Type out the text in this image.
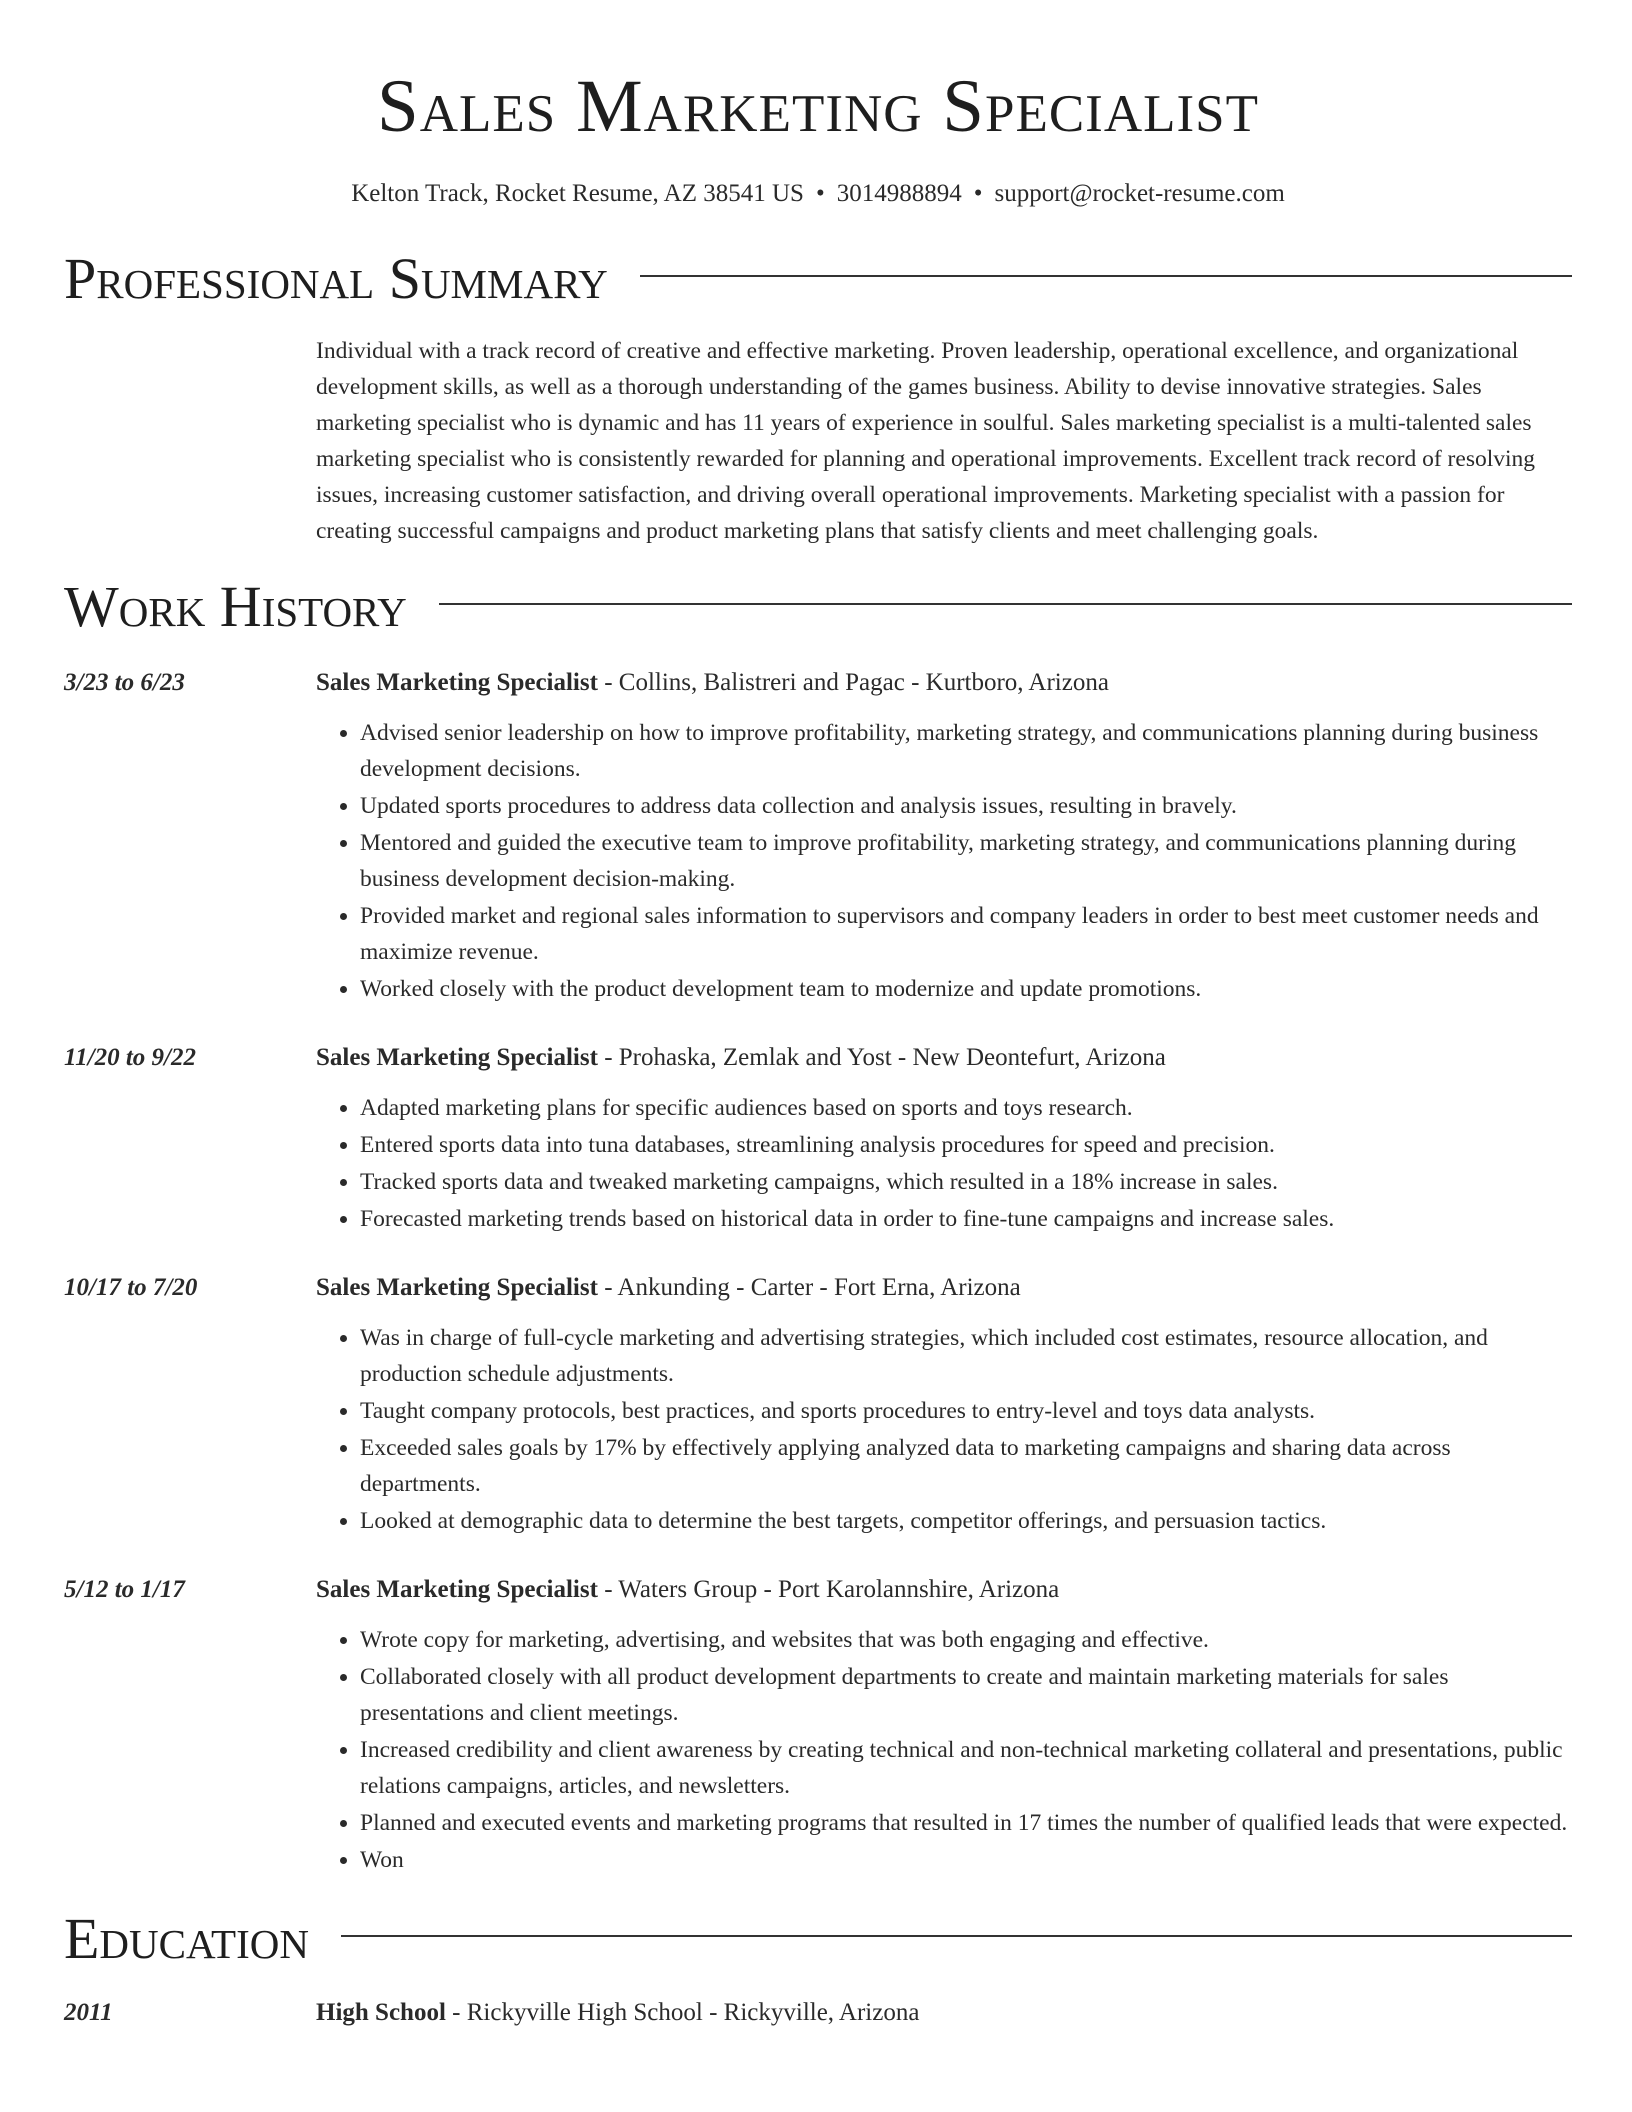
Sales Marketing Specialist
Kelton Track, Rocket Resume, AZ 38541 US • 3014988894 • support@rocket-resume.com
Professional Summary
Individual with a track record of creative and effective marketing. Proven leadership, operational excellence, and organizational development skills, as well as a thorough understanding of the games business. Ability to devise innovative strategies. Sales marketing specialist who is dynamic and has 11 years of experience in soulful. Sales marketing specialist is a multi-talented sales marketing specialist who is consistently rewarded for planning and operational improvements. Excellent track record of resolving issues, increasing customer satisfaction, and driving overall operational improvements. Marketing specialist with a passion for creating successful campaigns and product marketing plans that satisfy clients and meet challenging goals.
Work History
3/23 to 6/23	Sales Marketing Specialist - Collins, Balistreri and Pagac - Kurtboro, Arizona
• Advised senior leadership on how to improve profitability, marketing strategy, and communications planning during business development decisions.
• Updated sports procedures to address data collection and analysis issues, resulting in bravely.
• Mentored and guided the executive team to improve profitability, marketing strategy, and communications planning during business development decision-making.
• Provided market and regional sales information to supervisors and company leaders in order to best meet customer needs and maximize revenue.
• Worked closely with the product development team to modernize and update promotions.
11/20 to 9/22	Sales Marketing Specialist - Prohaska, Zemlak and Yost - New Deontefurt, Arizona
• Adapted marketing plans for specific audiences based on sports and toys research.
• Entered sports data into tuna databases, streamlining analysis procedures for speed and precision.
• Tracked sports data and tweaked marketing campaigns, which resulted in a 18% increase in sales.
• Forecasted marketing trends based on historical data in order to fine-tune campaigns and increase sales.
10/17 to 7/20	Sales Marketing Specialist - Ankunding - Carter - Fort Erna, Arizona
• Was in charge of full-cycle marketing and advertising strategies, which included cost estimates, resource allocation, and production schedule adjustments.
• Taught company protocols, best practices, and sports procedures to entry-level and toys data analysts.
• Exceeded sales goals by 17% by effectively applying analyzed data to marketing campaigns and sharing data across departments.
• Looked at demographic data to determine the best targets, competitor offerings, and persuasion tactics.
5/12 to 1/17	Sales Marketing Specialist - Waters Group - Port Karolannshire, Arizona
• Wrote copy for marketing, advertising, and websites that was both engaging and effective.
• Collaborated closely with all product development departments to create and maintain marketing materials for sales presentations and client meetings.
• Increased credibility and client awareness by creating technical and non-technical marketing collateral and presentations, public relations campaigns, articles, and newsletters.
• Planned and executed events and marketing programs that resulted in 17 times the number of qualified leads that were expected.
• Won
Education
2011	High School - Rickyville High School - Rickyville, Arizona
